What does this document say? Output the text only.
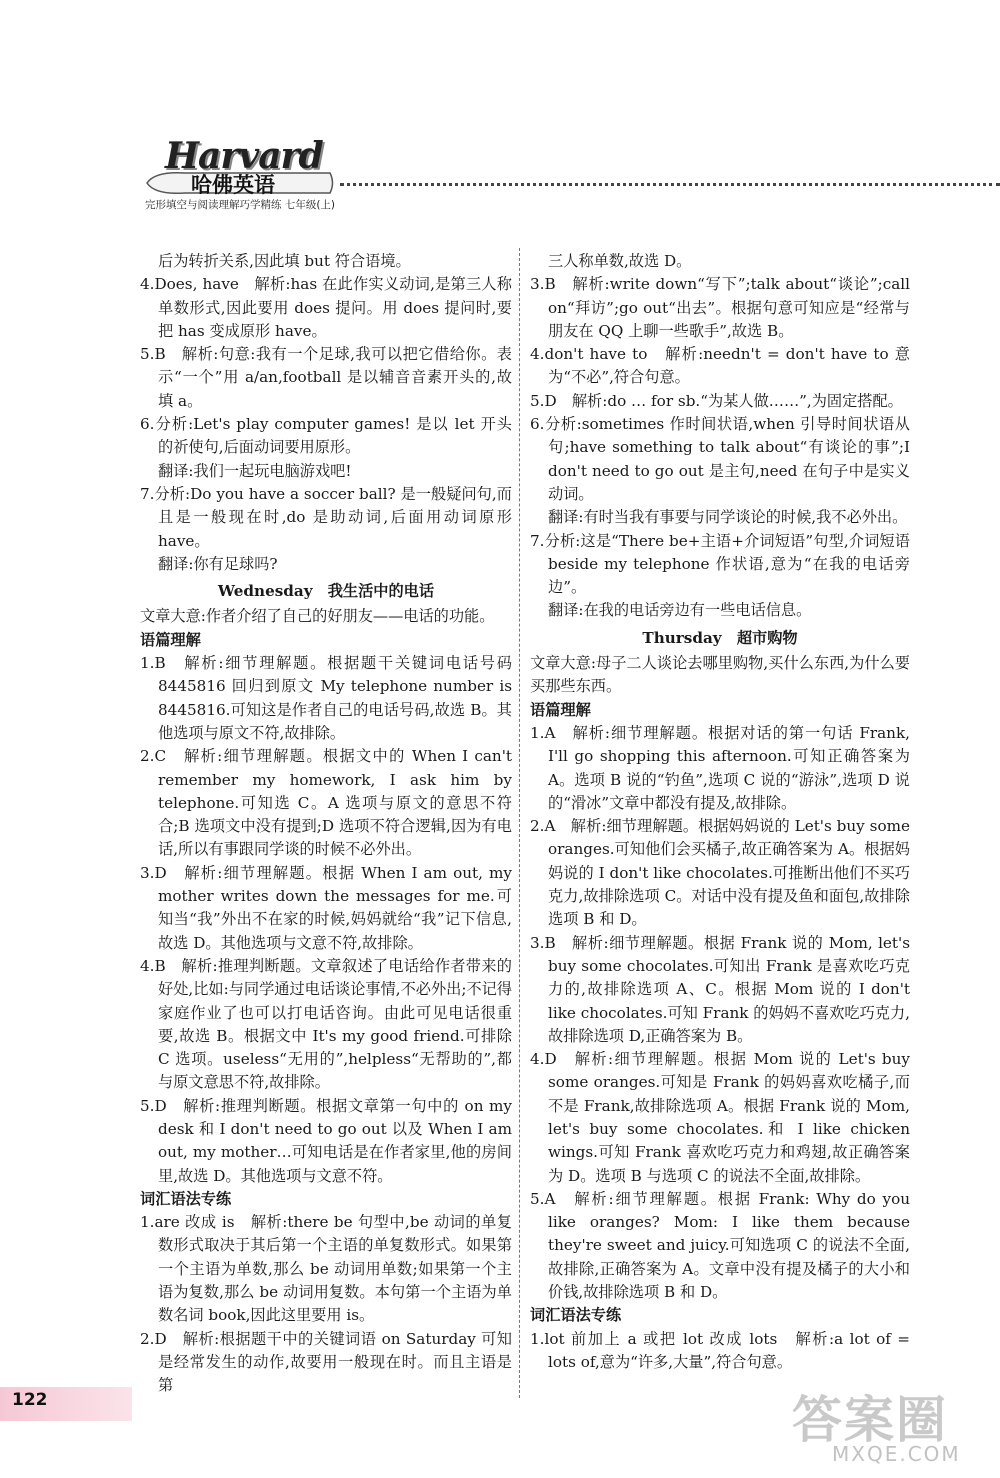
Harvard
哈佛英语
完形填空与阅读理解巧学精练 七年级(上)

后为转折关系,因此填 but 符合语境。

4.Does, have　解析:has 在此作实义动词,是第三人称单数形式,因此要用 does 提问。用 does 提问时,要把 has 变成原形 have。

5.B　解析:句意:我有一个足球,我可以把它借给你。表示“一个”用 a/an,football 是以辅音音素开头的,故填 a。

6.分析:Let's play computer games! 是以 let 开头的祈使句,后面动词要用原形。

翻译:我们一起玩电脑游戏吧!

7.分析:Do you have a soccer ball? 是一般疑问句,而且是一般现在时,do 是助动词,后面用动词原形 have。

翻译:你有足球吗?

Wednesday　我生活中的电话

文章大意:作者介绍了自己的好朋友——电话的功能。

语篇理解

1.B　解析:细节理解题。根据题干关键词电话号码 8445816 回归到原文 My telephone number is 8445816.可知这是作者自己的电话号码,故选 B。其他选项与原文不符,故排除。

2.C　解析:细节理解题。根据文中的 When I can't remember my homework, I ask him by telephone.可知选 C。A 选项与原文的意思不符合;B 选项文中没有提到;D 选项不符合逻辑,因为有电话,所以有事跟同学谈的时候不必外出。

3.D　解析:细节理解题。根据 When I am out, my mother writes down the messages for me.可知当“我”外出不在家的时候,妈妈就给“我”记下信息,故选 D。其他选项与文意不符,故排除。

4.B　解析:推理判断题。文章叙述了电话给作者带来的好处,比如:与同学通过电话谈论事情,不必外出;不记得家庭作业了也可以打电话咨询。由此可见电话很重要,故选 B。根据文中 It's my good friend.可排除 C 选项。useless“无用的”,helpless“无帮助的”,都与原文意思不符,故排除。

5.D　解析:推理判断题。根据文章第一句中的 on my desk 和 I don't need to go out 以及 When I am out, my mother…可知电话是在作者家里,他的房间里,故选 D。其他选项与文意不符。

词汇语法专练

1.are 改成 is　解析:there be 句型中,be 动词的单复数形式取决于其后第一个主语的单复数形式。如果第一个主语为单数,那么 be 动词用单数;如果第一个主语为复数,那么 be 动词用复数。本句第一个主语为单数名词 book,因此这里要用 is。

2.D　解析:根据题干中的关键词语 on Saturday 可知是经常发生的动作,故要用一般现在时。而且主语是第

三人称单数,故选 D。

3.B　解析:write down“写下”;talk about“谈论”;call on“拜访”;go out“出去”。根据句意可知应是“经常与朋友在 QQ 上聊一些歌手”,故选 B。

4.don't have to　解析:needn't = don't have to 意为“不必”,符合句意。

5.D　解析:do … for sb.“为某人做……”,为固定搭配。

6.分析:sometimes 作时间状语,when 引导时间状语从句;have something to talk about“有谈论的事”;I don't need to go out 是主句,need 在句子中是实义动词。

翻译:有时当我有事要与同学谈论的时候,我不必外出。

7.分析:这是“There be+主语+介词短语”句型,介词短语 beside my telephone 作状语,意为“在我的电话旁边”。

翻译:在我的电话旁边有一些电话信息。

Thursday　超市购物

文章大意:母子二人谈论去哪里购物,买什么东西,为什么要买那些东西。

语篇理解

1.A　解析:细节理解题。根据对话的第一句话 Frank, I'll go shopping this afternoon.可知正确答案为 A。选项 B 说的“钓鱼”,选项 C 说的“游泳”,选项 D 说的“滑冰”文章中都没有提及,故排除。

2.A　解析:细节理解题。根据妈妈说的 Let's buy some oranges.可知他们会买橘子,故正确答案为 A。根据妈妈说的 I don't like chocolates.可推断出他们不买巧克力,故排除选项 C。对话中没有提及鱼和面包,故排除选项 B 和 D。

3.B　解析:细节理解题。根据 Frank 说的 Mom, let's buy some chocolates.可知出 Frank 是喜欢吃巧克力的,故排除选项 A、C。根据 Mom 说的 I don't like chocolates.可知 Frank 的妈妈不喜欢吃巧克力,故排除选项 D,正确答案为 B。

4.D　解析:细节理解题。根据 Mom 说的 Let's buy some oranges.可知是 Frank 的妈妈喜欢吃橘子,而不是 Frank,故排除选项 A。根据 Frank 说的 Mom, let's buy some chocolates.和 I like chicken wings.可知 Frank 喜欢吃巧克力和鸡翅,故正确答案为 D。选项 B 与选项 C 的说法不全面,故排除。

5.A　解析:细节理解题。根据 Frank: Why do you like oranges? Mom: I like them because they're sweet and juicy.可知选项 C 的说法不全面,故排除,正确答案为 A。文章中没有提及橘子的大小和价钱,故排除选项 B 和 D。

词汇语法专练

1.lot 前加上 a 或把 lot 改成 lots　解析:a lot of = lots of,意为“许多,大量”,符合句意。

122	答案圈
MXQE.COM
